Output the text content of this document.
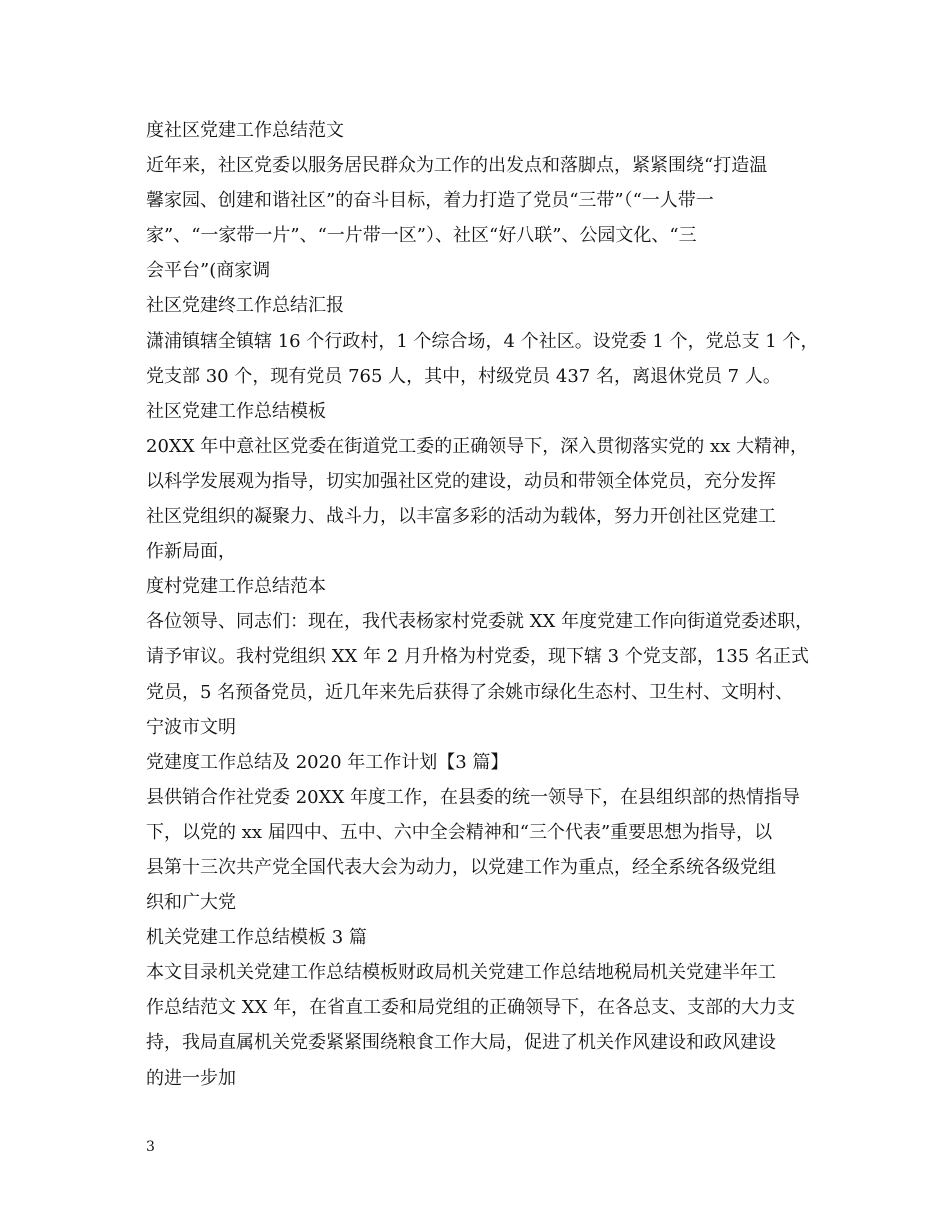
度社区党建工作总结范文
近年来，社区党委以服务居民群众为工作的出发点和落脚点，紧紧围绕“打造温
馨家园、创建和谐社区”的奋斗目标，着力打造了党员“三带”（“一人带一
家”、“一家带一片”、“一片带一区”）、社区“好八联”、公园文化、“三
会平台”(商家调
社区党建终工作总结汇报
潇浦镇辖全镇辖 16 个行政村，1 个综合场，4 个社区。设党委 1 个，党总支 1 个，
党支部 30 个，现有党员 765 人，其中，村级党员 437 名，离退休党员 7 人。
社区党建工作总结模板
20XX 年中意社区党委在街道党工委的正确领导下，深入贯彻落实党的 xx 大精神，
以科学发展观为指导，切实加强社区党的建设，动员和带领全体党员，充分发挥
社区党组织的凝聚力、战斗力，以丰富多彩的活动为载体，努力开创社区党建工
作新局面，
度村党建工作总结范本
各位领导、同志们：现在，我代表杨家村党委就 XX 年度党建工作向街道党委述职，
请予审议。我村党组织 XX 年 2 月升格为村党委，现下辖 3 个党支部，135 名正式
党员，5 名预备党员，近几年来先后获得了余姚市绿化生态村、卫生村、文明村、
宁波市文明
党建度工作总结及 2020 年工作计划【3 篇】
县供销合作社党委 20XX 年度工作，在县委的统一领导下，在县组织部的热情指导
下，以党的 xx 届四中、五中、六中全会精神和“三个代表”重要思想为指导，以
县第十三次共产党全国代表大会为动力，以党建工作为重点，经全系统各级党组
织和广大党
机关党建工作总结模板 3 篇
本文目录机关党建工作总结模板财政局机关党建工作总结地税局机关党建半年工
作总结范文 XX 年，在省直工委和局党组的正确领导下，在各总支、支部的大力支
持，我局直属机关党委紧紧围绕粮食工作大局，促进了机关作风建设和政风建设
的进一步加
3
